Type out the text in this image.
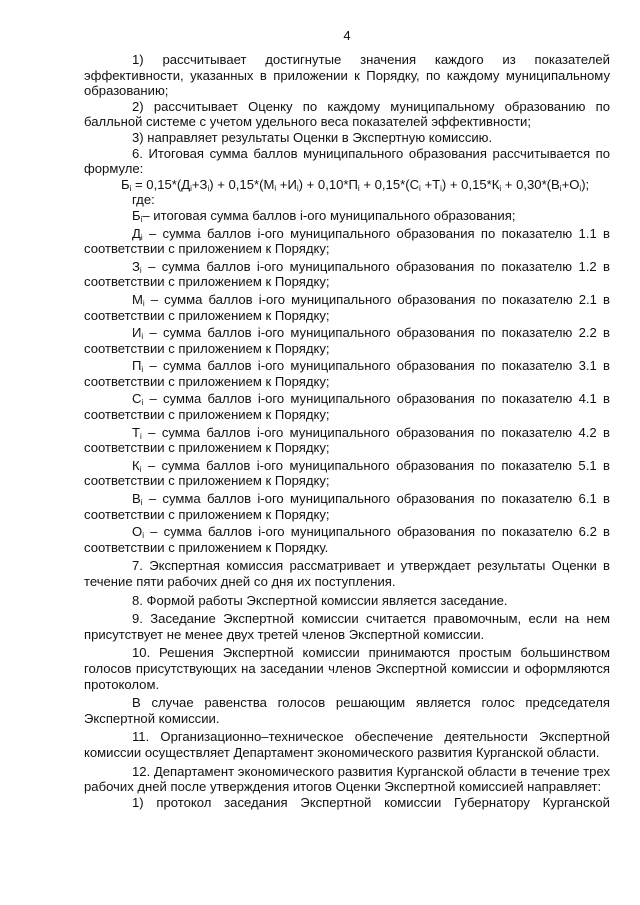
4

1) рассчитывает достигнутые значения каждого из показателей эффективности, указанных в приложении к Порядку, по каждому муниципальному образованию;

2) рассчитывает Оценку по каждому муниципальному образованию по балльной системе с учетом удельного веса показателей эффективности;

3) направляет результаты Оценки в Экспертную комиссию.

6. Итоговая сумма баллов муниципального образования рассчитывается по формуле:

$Б_i = 0,15*(Д_i+З_i) + 0,15*(М_i +И_i) + 0,10*П_i + 0,15*(С_i +Т_i) + 0,15*К_i + 0,30*(В_i+О_i)$;

где:

$Б_i-$ итоговая сумма баллов i-ого муниципального образования;

$Д_i$ – сумма баллов i-ого муниципального образования по показателю 1.1 в соответствии с приложением к Порядку;

$З_i$ – сумма баллов i-ого муниципального образования по показателю 1.2 в соответствии с приложением к Порядку;

$М_i$ – сумма баллов i-ого муниципального образования по показателю 2.1 в соответствии с приложением к Порядку;

$И_i$ – сумма баллов i-ого муниципального образования по показателю 2.2 в соответствии с приложением к Порядку;

$П_i$ – сумма баллов i-ого муниципального образования по показателю 3.1 в соответствии с приложением к Порядку;

$С_i$ – сумма баллов i-ого муниципального образования по показателю 4.1 в соответствии с приложением к Порядку;

$Т_i$ – сумма баллов i-ого муниципального образования по показателю 4.2 в соответствии с приложением к Порядку;

$К_i$ – сумма баллов i-ого муниципального образования по показателю 5.1 в соответствии с приложением к Порядку;

$В_i$ – сумма баллов i-ого муниципального образования по показателю 6.1 в соответствии с приложением к Порядку;

$О_i$ – сумма баллов i-ого муниципального образования по показателю 6.2 в соответствии с приложением к Порядку.

7. Экспертная комиссия рассматривает и утверждает результаты Оценки в течение пяти рабочих дней со дня их поступления.

8. Формой работы Экспертной комиссии является заседание.

9. Заседание Экспертной комиссии считается правомочным, если на нем присутствует не менее двух третей членов Экспертной комиссии.

10. Решения Экспертной комиссии принимаются простым большинством голосов присутствующих на заседании членов Экспертной комиссии и оформляются протоколом.

В случае равенства голосов решающим является голос председателя Экспертной комиссии.

11. Организационно–техническое обеспечение деятельности Экспертной комиссии осуществляет Департамент экономического развития Курганской области.

12. Департамент экономического развития Курганской области в течение трех рабочих дней после утверждения итогов Оценки Экспертной комиссией направляет:

1) протокол заседания Экспертной комиссии Губернатору Курганской
